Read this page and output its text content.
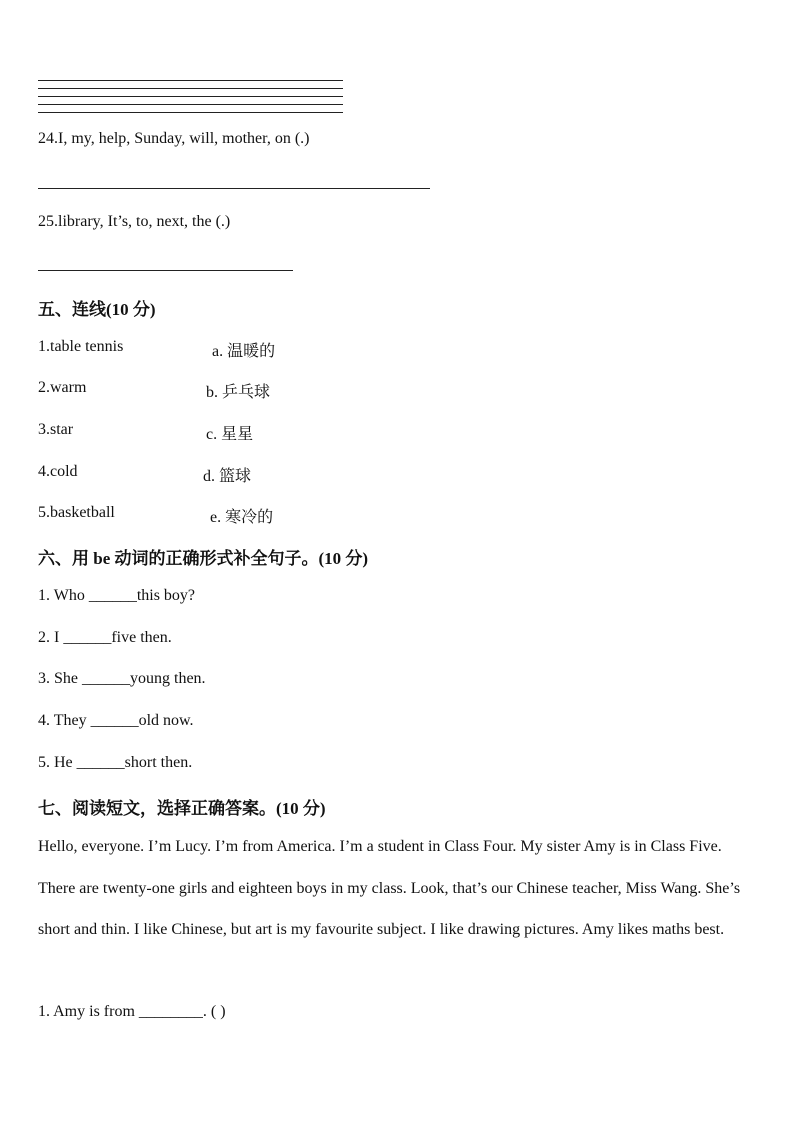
24.I, my, help, Sunday, will, mother, on (.)
25.library, It’s, to, next, the (.)
五、连线(10 分)
1.table tennis	a. 温暖的
2.warm	b. 乒乓球
3.star	c. 星星
4.cold	d. 篮球
5.basketball	e. 寒冷的
六、用 be 动词的正确形式补全句子。(10 分)
1. Who ______this boy?
2. I ______five then.
3. She ______young then.
4. They ______old now.
5. He ______short then.
七、阅读短文，选择正确答案。(10 分)
Hello, everyone. I’m Lucy. I’m from America. I’m a student in Class Four. My sister Amy is in Class Five. There are twenty-one girls and eighteen boys in my class. Look, that’s our Chinese teacher, Miss Wang. She’s short and thin. I like Chinese, but art is my favourite subject. I like drawing pictures. Amy likes maths best.
1. Amy is from ________. ( )
